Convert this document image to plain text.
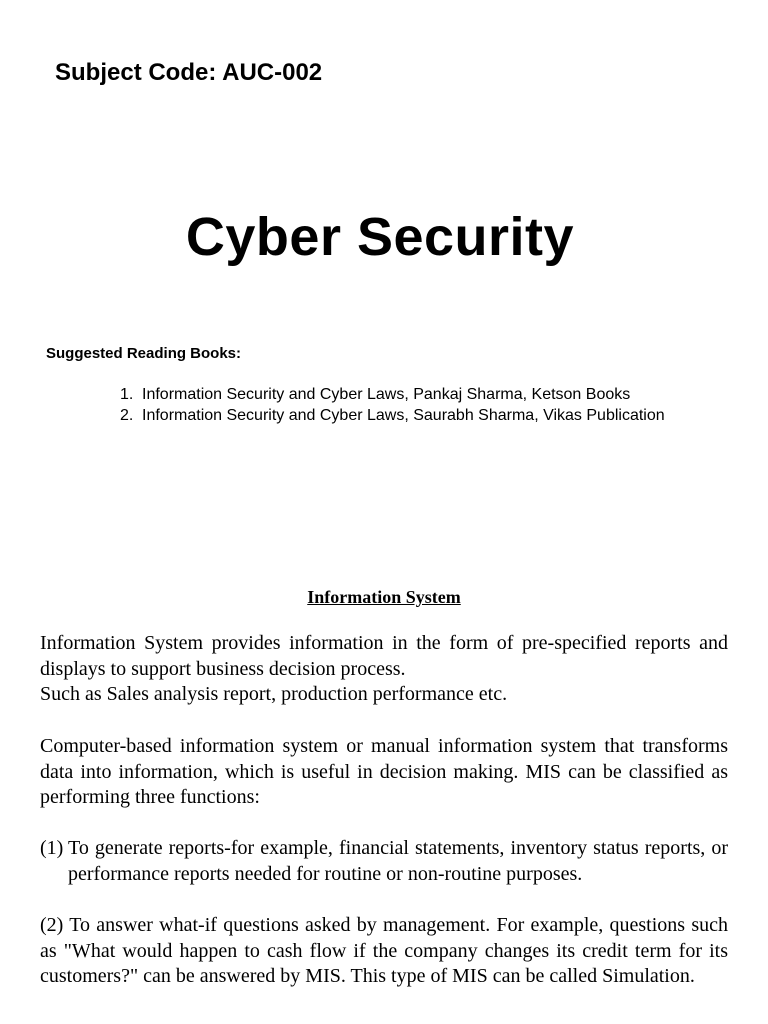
Subject Code: AUC-002
Cyber Security
Suggested Reading Books:
1. Information Security and Cyber Laws, Pankaj Sharma, Ketson Books
2. Information Security and Cyber Laws, Saurabh Sharma, Vikas Publication
Information System
Information System provides information in the form of pre-specified reports and displays to support business decision process.
Such as Sales analysis report, production performance etc.
Computer-based information system or manual information system that transforms data into information, which is useful in decision making. MIS can be classified as performing three functions:
(1) To generate reports-for example, financial statements, inventory status reports, or performance reports needed for routine or non-routine purposes.
(2) To answer what-if questions asked by management. For example, questions such as "What would happen to cash flow if the company changes its credit term for its customers?" can be answered by MIS. This type of MIS can be called Simulation.
